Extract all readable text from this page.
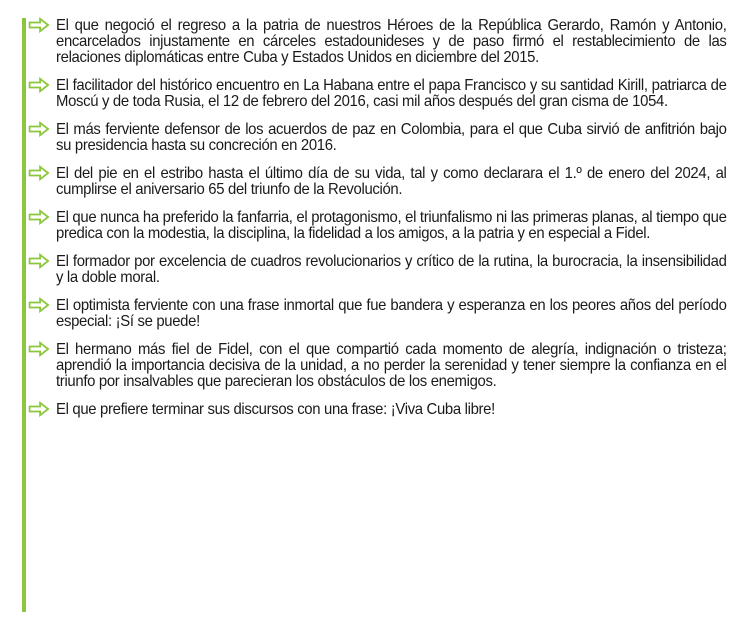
El que negoció el regreso a la patria de nuestros Héroes de la República Gerardo, Ramón y Antonio, encarcelados injustamente en cárceles estadounideses y de paso firmó el restablecimiento de las relaciones diplomáticas entre Cuba y Estados Unidos en diciembre del 2015.
El facilitador del histórico encuentro en La Habana entre el papa Francisco y su santidad Kirill, patriarca de Moscú y de toda Rusia, el 12 de febrero del 2016, casi mil años después del gran cisma de 1054.
El más ferviente defensor de los acuerdos de paz en Colombia, para el que Cuba sirvió de anfitrión bajo su presidencia hasta su concreción en 2016.
El del pie en el estribo hasta el último día de su vida, tal y como declarara el 1.º de enero del 2024, al cumplirse el aniversario 65 del triunfo de la Revolución.
El que nunca ha preferido la fanfarria, el protagonismo, el triunfalismo ni las primeras planas, al tiempo que predica con la modestia, la disciplina, la fidelidad a los amigos, a la patria y en especial a Fidel.
El formador por excelencia de cuadros revolucionarios y crítico de la rutina, la burocracia, la insensibilidad y la doble moral.
El optimista ferviente con una frase inmortal que fue bandera y esperanza en los peores años del período especial: ¡Sí se puede!
El hermano más fiel de Fidel, con el que compartió cada momento de alegría, indignación o tristeza; aprendió la importancia decisiva de la unidad, a no perder la serenidad y tener siempre la confianza en el triunfo por insalvables que parecieran los obstáculos de los enemigos.
El que prefiere terminar sus discursos con una frase: ¡Viva Cuba libre!
